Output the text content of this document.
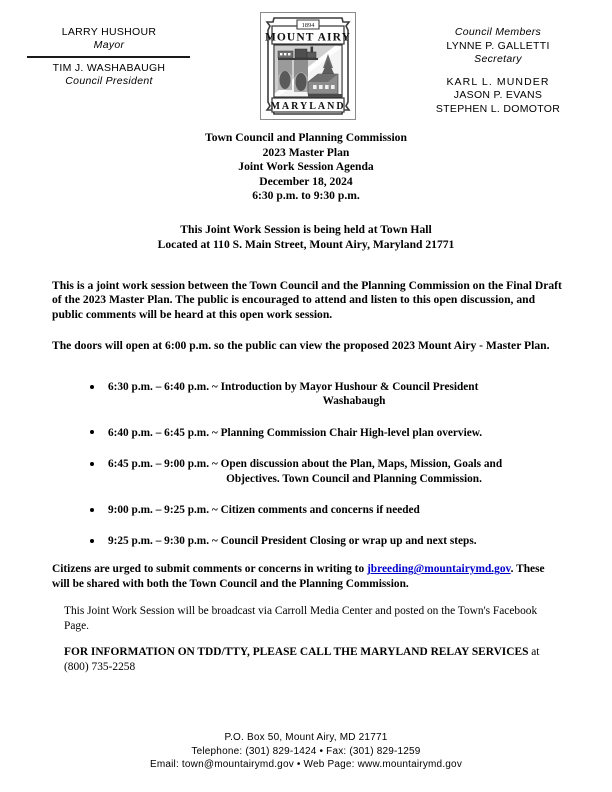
LARRY HUSHOUR
Mayor
TIM J. WASHABAUGH
Council President
1894
MOUNT AIRY
MARYLAND
Council Members
LYNNE P. GALLETTI
Secretary
KARL L. MUNDER
JASON P. EVANS
STEPHEN L. DOMOTOR
Town Council and Planning Commission
2023 Master Plan
Joint Work Session Agenda
December 18, 2024
6:30 p.m. to 9:30 p.m.
This Joint Work Session is being held at Town Hall
Located at 110 S. Main Street, Mount Airy, Maryland 21771

This is a joint work session between the Town Council and the Planning Commission on the Final Draft of the 2023 Master Plan. The public is encouraged to attend and listen to this open discussion, and public comments will be heard at this open work session.

The doors will open at 6:00 p.m. so the public can view the proposed 2023 Mount Airy - Master Plan.

6:30 p.m. – 6:40 p.m. ~ Introduction by Mayor Hushour & Council President
Washabaugh
6:40 p.m. – 6:45 p.m. ~ Planning Commission Chair High-level plan overview.
6:45 p.m. – 9:00 p.m. ~ Open discussion about the Plan, Maps, Mission, Goals and
Objectives. Town Council and Planning Commission.
9:00 p.m. – 9:25 p.m. ~ Citizen comments and concerns if needed
9:25 p.m. – 9:30 p.m. ~ Council President Closing or wrap up and next steps.

Citizens are urged to submit comments or concerns in writing to jbreeding@mountairymd.gov. These will be shared with both the Town Council and the Planning Commission.

This Joint Work Session will be broadcast via Carroll Media Center and posted on the Town's Facebook Page.

FOR INFORMATION ON TDD/TTY, PLEASE CALL THE MARYLAND RELAY SERVICES at (800) 735-2258

P.O. Box 50, Mount Airy, MD 21771
Telephone: (301) 829-1424 • Fax: (301) 829-1259
Email: town@mountairymd.gov • Web Page: www.mountairymd.gov
